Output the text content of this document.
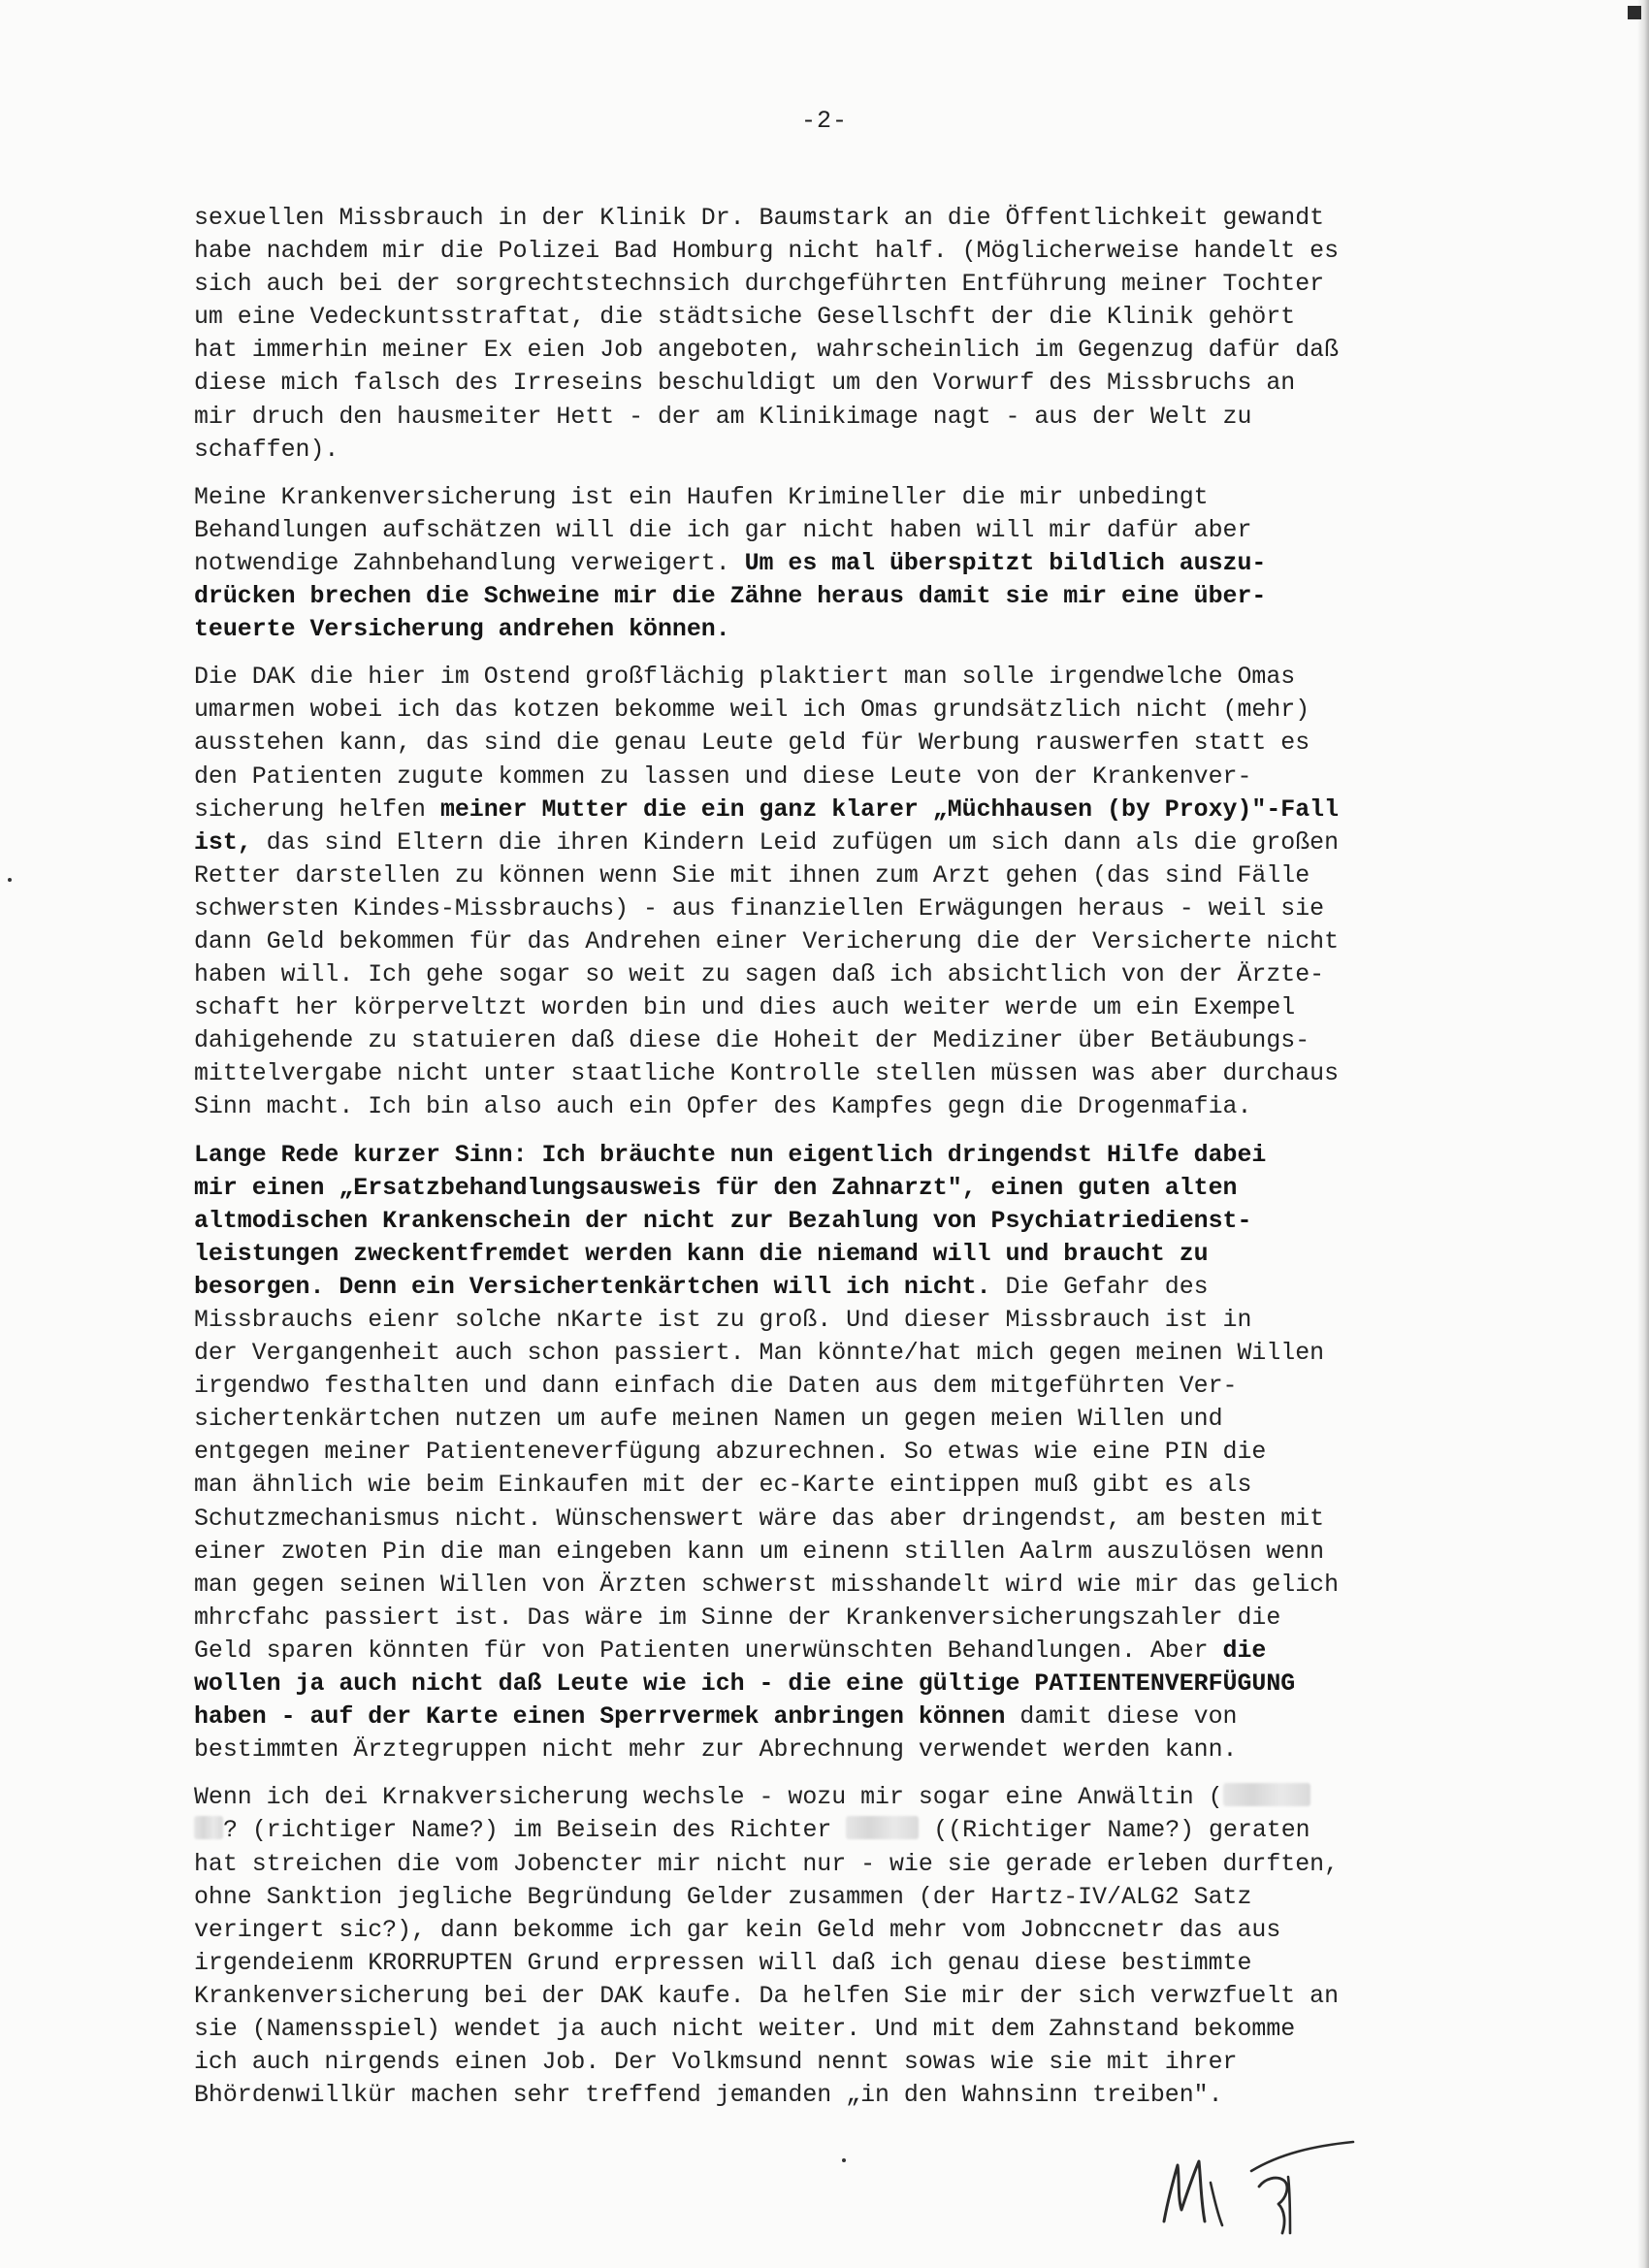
-2-
sexuellen Missbrauch in der Klinik Dr. Baumstark an die Öffentlichkeit gewandt
habe nachdem mir die Polizei Bad Homburg nicht half. (Möglicherweise handelt es
sich auch bei der sorgrechtstechnsich durchgeführten Entführung meiner Tochter
um eine Vedeckuntsstraftat, die städtsiche Gesellschft der die Klinik gehört
hat immerhin meiner Ex eien Job angeboten, wahrscheinlich im Gegenzug dafür daß
diese mich falsch des Irreseins beschuldigt um den Vorwurf des Missbruchs an
mir druch den hausmeiter Hett - der am Klinikimage nagt - aus der Welt zu
schaffen).
Meine Krankenversicherung ist ein Haufen Krimineller die mir unbedingt
Behandlungen aufschätzen will die ich gar nicht haben will mir dafür aber
notwendige Zahnbehandlung verweigert. Um es mal überspitzt bildlich auszu-
drücken brechen die Schweine mir die Zähne heraus damit sie mir eine über-
teuerte Versicherung andrehen können.
Die DAK die hier im Ostend großflächig plaktiert man solle irgendwelche Omas
umarmen wobei ich das kotzen bekomme weil ich Omas grundsätzlich nicht (mehr)
ausstehen kann, das sind die genau Leute geld für Werbung rauswerfen statt es
den Patienten zugute kommen zu lassen und diese Leute von der Krankenver-
sicherung helfen meiner Mutter die ein ganz klarer „Müchhausen (by Proxy)"-Fall
ist, das sind Eltern die ihren Kindern Leid zufügen um sich dann als die großen
Retter darstellen zu können wenn Sie mit ihnen zum Arzt gehen (das sind Fälle
schwersten Kindes-Missbrauchs) - aus finanziellen Erwägungen heraus - weil sie
dann Geld bekommen für das Andrehen einer Vericherung die der Versicherte nicht
haben will. Ich gehe sogar so weit zu sagen daß ich absichtlich von der Ärzte-
schaft her körperveltzt worden bin und dies auch weiter werde um ein Exempel
dahigehende zu statuieren daß diese die Hoheit der Mediziner über Betäubungs-
mittelvergabe nicht unter staatliche Kontrolle stellen müssen was aber durchaus
Sinn macht. Ich bin also auch ein Opfer des Kampfes gegn die Drogenmafia.
Lange Rede kurzer Sinn: Ich bräuchte nun eigentlich dringendst Hilfe dabei
mir einen „Ersatzbehandlungsausweis für den Zahnarzt", einen guten alten
altmodischen Krankenschein der nicht zur Bezahlung von Psychiatriedienst-
leistungen zweckentfremdet werden kann die niemand will und braucht zu
besorgen. Denn ein Versichertenkärtchen will ich nicht. Die Gefahr des
Missbrauchs eienr solche nKarte ist zu groß. Und dieser Missbrauch ist in
der Vergangenheit auch schon passiert. Man könnte/hat mich gegen meinen Willen
irgendwo festhalten und dann einfach die Daten aus dem mitgeführten Ver-
sichertenkärtchen nutzen um aufe meinen Namen un gegen meien Willen und
entgegen meiner Patienteneverfügung abzurechnen. So etwas wie eine PIN die
man ähnlich wie beim Einkaufen mit der ec-Karte eintippen muß gibt es als
Schutzmechanismus nicht. Wünschenswert wäre das aber dringendst, am besten mit
einer zwoten Pin die man eingeben kann um einenn stillen Aalrm auszulösen wenn
man gegen seinen Willen von Ärzten schwerst misshandelt wird wie mir das gelich
mhrcfahc passiert ist. Das wäre im Sinne der Krankenversicherungszahler die
Geld sparen könnten für von Patienten unerwünschten Behandlungen. Aber die
wollen ja auch nicht daß Leute wie ich - die eine gültige PATIENTENVERFÜGUNG
haben - auf der Karte einen Sperrvermek anbringen können damit diese von
bestimmten Ärztegruppen nicht mehr zur Abrechnung verwendet werden kann.
Wenn ich dei Krnakversicherung wechsle - wozu mir sogar eine Anwältin (
? (richtiger Name?) im Beisein des Richter	((Richtiger Name?) geraten
hat streichen die vom Jobencter mir nicht nur - wie sie gerade erleben durften,
ohne Sanktion jegliche Begründung Gelder zusammen (der Hartz-IV/ALG2 Satz
veringert sic?), dann bekomme ich gar kein Geld mehr vom Jobnccnetr das aus
irgendeienm KRORRUPTEN Grund erpressen will daß ich genau diese bestimmte
Krankenversicherung bei der DAK kaufe. Da helfen Sie mir der sich verwzfuelt an
sie (Namensspiel) wendet ja auch nicht weiter. Und mit dem Zahnstand bekomme
ich auch nirgends einen Job. Der Volkmsund nennt sowas wie sie mit ihrer
Bhördenwillkür machen sehr treffend jemanden „in den Wahnsinn treiben".
